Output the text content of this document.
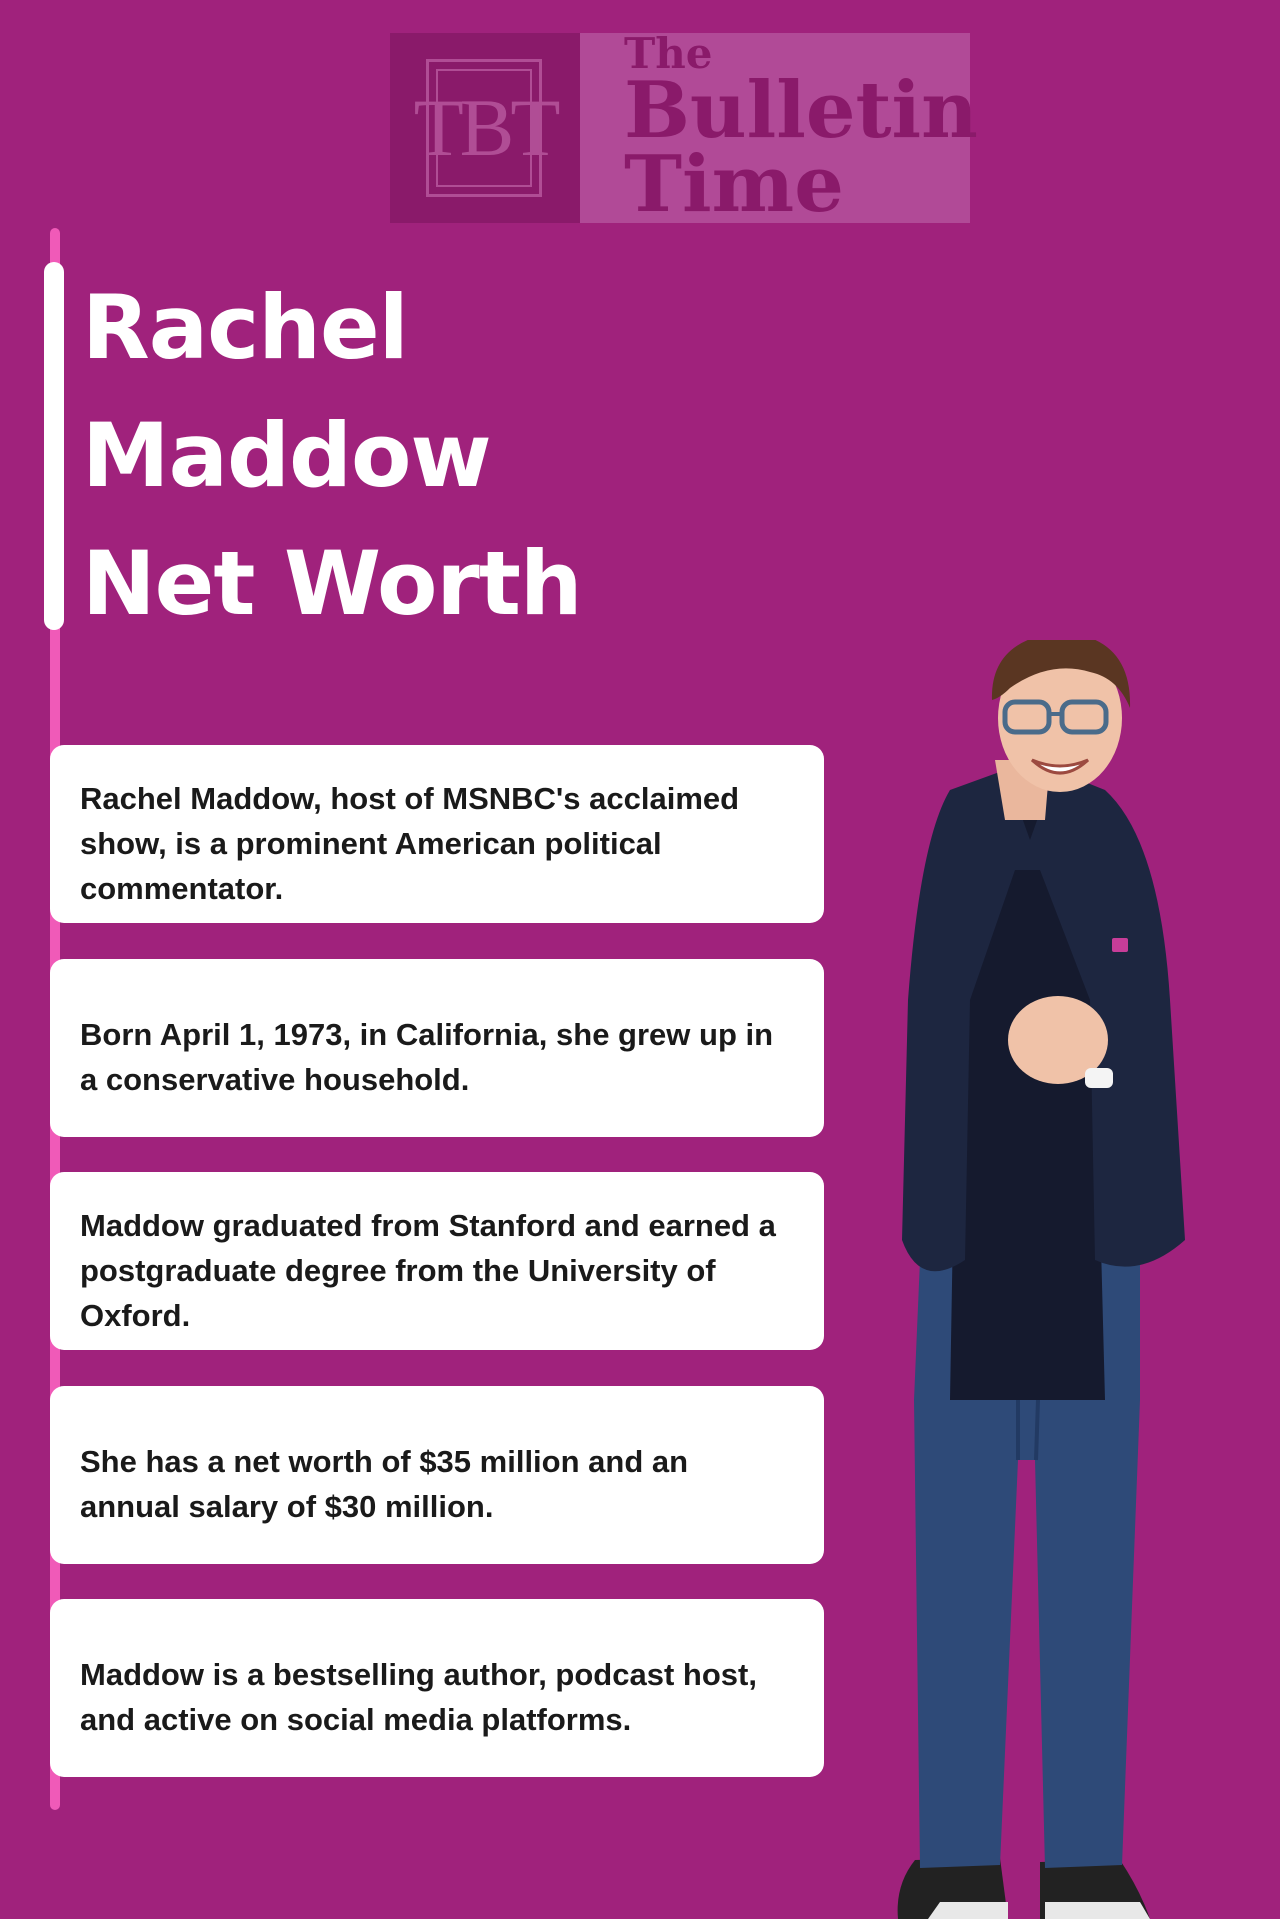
TBT
The
Bulletin
Time
Rachel
Maddow
Net Worth

Rachel Maddow, host of MSNBC's acclaimed show, is a prominent American political commentator.

Born April 1, 1973, in California, she grew up in a conservative household.

Maddow graduated from Stanford and earned a postgraduate degree from the University of Oxford.

She has a net worth of $35 million and an annual salary of $30 million.

Maddow is a bestselling author, podcast host, and active on social media platforms.
